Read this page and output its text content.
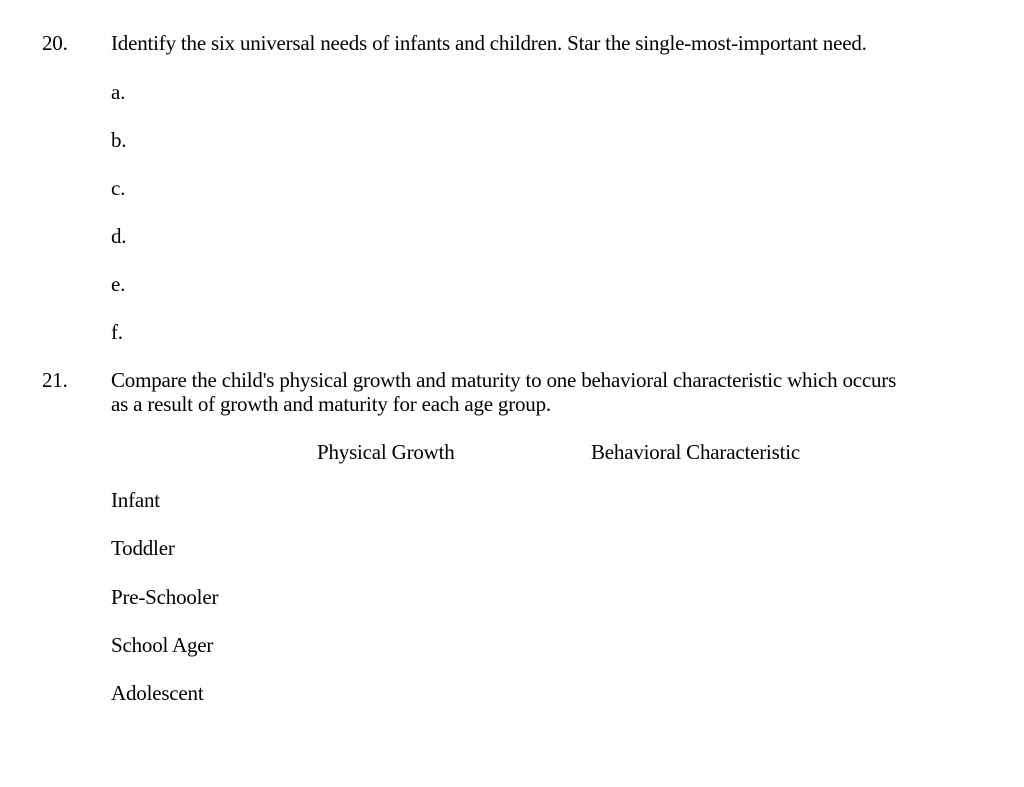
20. Identify the six universal needs of infants and children. Star the single-most-important need.
a.
b.
c.
d.
e.
f.
21. Compare the child's physical growth and maturity to one behavioral characteristic which occurs as a result of growth and maturity for each age group.
Physical Growth	Behavioral Characteristic
Infant
Toddler
Pre-Schooler
School Ager
Adolescent
